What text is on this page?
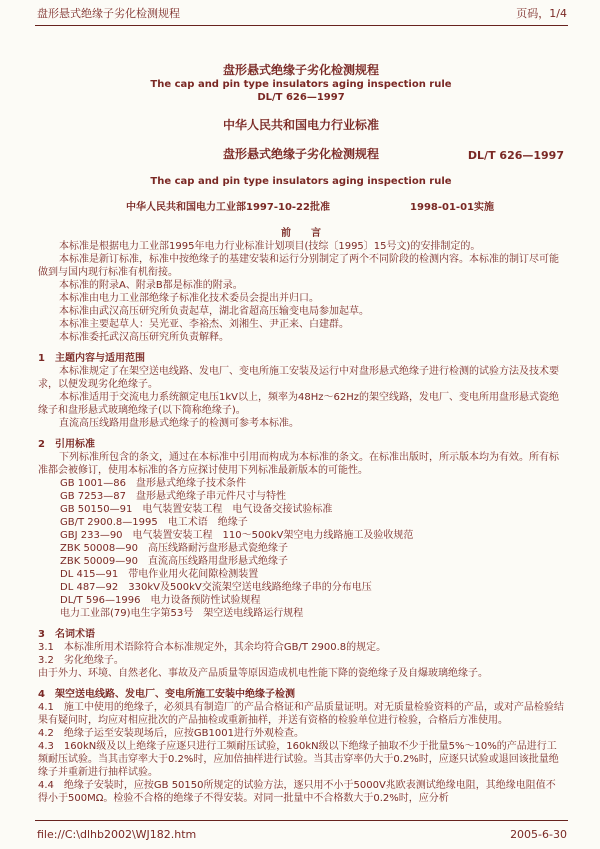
盘形悬式绝缘子劣化检测规程	页码，1/4
盘形悬式绝缘子劣化检测规程
The cap and pin type insulators aging inspection rule
DL/T 626—1997
中华人民共和国电力行业标准
盘形悬式绝缘子劣化检测规程	DL/T 626—1997
The cap and pin type insulators aging inspection rule
中华人民共和国电力工业部1997-10-22批准	1998-01-01实施
前　　言
本标准是根据电力工业部1995年电力行业标准计划项目(技综〔1995〕15号文)的安排制定的。
本标准是新订标准，标准中按绝缘子的基建安装和运行分别制定了两个不同阶段的检测内容。本标准的制订尽可能做到与国内现行标准有机衔接。
本标准的附录A、附录B都是标准的附录。
本标准由电力工业部绝缘子标准化技术委员会提出并归口。
本标准由武汉高压研究所负责起草，湖北省超高压输变电局参加起草。
本标准主要起草人：吴光亚、李裕杰、刘湘生、尹正来、白建群。
本标准委托武汉高压研究所负责解释。
1　主题内容与适用范围
本标准规定了在架空送电线路、发电厂、变电所施工安装及运行中对盘形悬式绝缘子进行检测的试验方法及技术要求，以便发现劣化绝缘子。
本标准适用于交流电力系统额定电压1kV以上，频率为48Hz～62Hz的架空线路，发电厂、变电所用盘形悬式瓷绝缘子和盘形悬式玻璃绝缘子(以下简称绝缘子)。
直流高压线路用盘形悬式绝缘子的检测可参考本标准。
2　引用标准
下列标准所包含的条文，通过在本标准中引用而构成为本标准的条文。在标准出版时，所示版本均为有效。所有标准都会被修订，使用本标准的各方应探讨使用下列标准最新版本的可能性。
GB 1001—86　盘形悬式绝缘子技术条件
GB 7253—87　盘形悬式绝缘子串元件尺寸与特性
GB 50150—91　电气装置安装工程　电气设备交接试验标准
GB/T 2900.8—1995　电工术语　绝缘子
GBJ 233—90　电气装置安装工程　110～500kV架空电力线路施工及验收规范
ZBK 50008—90　高压线路耐污盘形悬式瓷绝缘子
ZBK 50009—90　直流高压线路用盘形悬式绝缘子
DL 415—91　带电作业用火花间隙检测装置
DL 487—92　330kV及500kV交流架空送电线路绝缘子串的分布电压
DL/T 596—1996　电力设备预防性试验规程
电力工业部(79)电生字第53号　架空送电线路运行规程
3　名词术语
3.1　本标准所用术语除符合本标准规定外，其余均符合GB/T 2900.8的规定。
3.2　劣化绝缘子。
由于外力、环境、自然老化、事故及产品质量等原因造成机电性能下降的瓷绝缘子及自爆玻璃绝缘子。
4　架空送电线路、发电厂、变电所施工安装中绝缘子检测
4.1　施工中使用的绝缘子，必须具有制造厂的产品合格证和产品质量证明。对无质量检验资料的产品，或对产品检验结果有疑问时，均应对相应批次的产品抽检或重新抽样，并送有资格的检验单位进行检验，合格后方准使用。
4.2　绝缘子运至安装现场后，应按GB1001进行外观检查。
4.3　160kN级及以上绝缘子应逐只进行工频耐压试验，160kN级以下绝缘子抽取不少于批量5%～10%的产品进行工频耐压试验。当其击穿率大于0.2%时，应加倍抽样进行试验。当其击穿率仍大于0.2%时，应逐只试验或退回该批量绝缘子并重新进行抽样试验。
4.4　绝缘子安装时，应按GB 50150所规定的试验方法，逐只用不小于5000V兆欧表测试绝缘电阻，其绝缘电阻值不得小于500MΩ。检验不合格的绝缘子不得安装。对同一批量中不合格数大于0.2%时，应分析
file://C:\dlhb2002\WJ182.htm	2005-6-30
